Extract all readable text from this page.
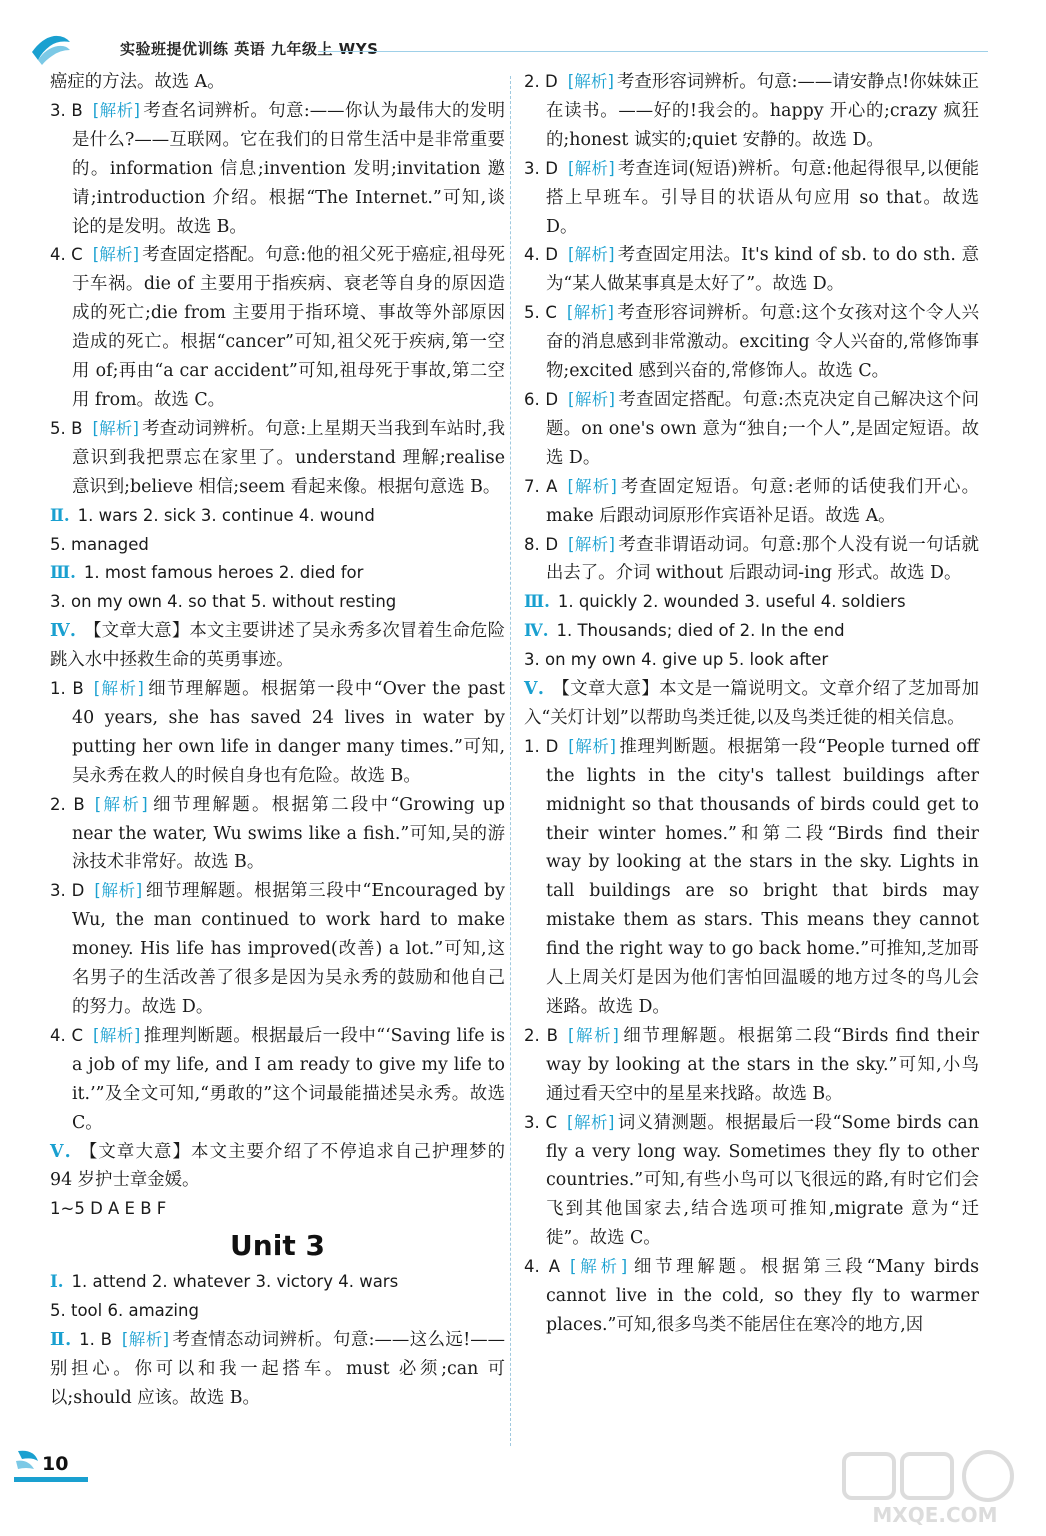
实验班提优训练 英语 九年级上 WYS

癌症的方法。故选 A。

3. B [解析] 考查名词辨析。句意:——你认为最伟大的发明是什么?——互联网。它在我们的日常生活中是非常重要的。information 信息;invention 发明;invitation 邀请;introduction 介绍。根据“The Internet.”可知,谈论的是发明。故选 B。

4. C [解析] 考查固定搭配。句意:他的祖父死于癌症,祖母死于车祸。die of 主要用于指疾病、衰老等自身的原因造成的死亡;die from 主要用于指环境、事故等外部原因造成的死亡。根据“cancer”可知,祖父死于疾病,第一空用 of;再由“a car accident”可知,祖母死于事故,第二空用 from。故选 C。

5. B [解析] 考查动词辨析。句意:上星期天当我到车站时,我意识到我把票忘在家里了。understand 理解;realise 意识到;believe 相信;seem 看起来像。根据句意选 B。

Ⅱ. 1. wars 2. sick 3. continue 4. wound

5. managed

Ⅲ. 1. most famous heroes 2. died for

3. on my own 4. so that 5. without resting

Ⅳ. 【文章大意】本文主要讲述了吴永秀多次冒着生命危险跳入水中拯救生命的英勇事迹。

1. B [解析] 细节理解题。根据第一段中“Over the past 40 years, she has saved 24 lives in water by putting her own life in danger many times.”可知,吴永秀在救人的时候自身也有危险。故选 B。

2. B [解析] 细节理解题。根据第二段中“Growing up near the water, Wu swims like a fish.”可知,吴的游泳技术非常好。故选 B。

3. D [解析] 细节理解题。根据第三段中“Encouraged by Wu, the man continued to work hard to make money. His life has improved(改善) a lot.”可知,这名男子的生活改善了很多是因为吴永秀的鼓励和他自己的努力。故选 D。

4. C [解析] 推理判断题。根据最后一段中“‘Saving life is a job of my life, and I am ready to give my life to it.’”及全文可知,“勇敢的”这个词最能描述吴永秀。故选 C。

Ⅴ. 【文章大意】本文主要介绍了不停追求自己护理梦的 94 岁护士章金媛。

1~5 D A E B F

Unit 3

Ⅰ. 1. attend 2. whatever 3. victory 4. wars

5. tool 6. amazing

Ⅱ. 1. B [解析] 考查情态动词辨析。句意:——这么远!——别担心。你可以和我一起搭车。must 必须;can 可以;should 应该。故选 B。

2. D [解析] 考查形容词辨析。句意:——请安静点!你妹妹正在读书。——好的!我会的。happy 开心的;crazy 疯狂的;honest 诚实的;quiet 安静的。故选 D。

3. D [解析] 考查连词(短语)辨析。句意:他起得很早,以便能搭上早班车。引导目的状语从句应用 so that。故选 D。

4. D [解析] 考查固定用法。It's kind of sb. to do sth. 意为“某人做某事真是太好了”。故选 D。

5. C [解析] 考查形容词辨析。句意:这个女孩对这个令人兴奋的消息感到非常激动。exciting 令人兴奋的,常修饰事物;excited 感到兴奋的,常修饰人。故选 C。

6. D [解析] 考查固定搭配。句意:杰克决定自己解决这个问题。on one's own 意为“独自;一个人”,是固定短语。故选 D。

7. A [解析] 考查固定短语。句意:老师的话使我们开心。make 后跟动词原形作宾语补足语。故选 A。

8. D [解析] 考查非谓语动词。句意:那个人没有说一句话就出去了。介词 without 后跟动词-ing 形式。故选 D。

Ⅲ. 1. quickly 2. wounded 3. useful 4. soldiers

Ⅳ. 1. Thousands; died of 2. In the end

3. on my own 4. give up 5. look after

Ⅴ. 【文章大意】本文是一篇说明文。文章介绍了芝加哥加入“关灯计划”以帮助鸟类迁徙,以及鸟类迁徙的相关信息。

1. D [解析] 推理判断题。根据第一段“People turned off the lights in the city's tallest buildings after midnight so that thousands of birds could get to their winter homes.”和第二段“Birds find their way by looking at the stars in the sky. Lights in tall buildings are so bright that birds may mistake them as stars. This means they cannot find the right way to go back home.”可推知,芝加哥人上周关灯是因为他们害怕回温暖的地方过冬的鸟儿会迷路。故选 D。

2. B [解析] 细节理解题。根据第二段“Birds find their way by looking at the stars in the sky.”可知,小鸟通过看天空中的星星来找路。故选 B。

3. C [解析] 词义猜测题。根据最后一段“Some birds can fly a very long way. Sometimes they fly to other countries.”可知,有些小鸟可以飞很远的路,有时它们会飞到其他国家去,结合选项可推知,migrate 意为“迁徙”。故选 C。

4. A [解析] 细节理解题。根据第三段“Many birds cannot live in the cold, so they fly to warmer places.”可知,很多鸟类不能居住在寒冷的地方,因

10
MXQE.COM
